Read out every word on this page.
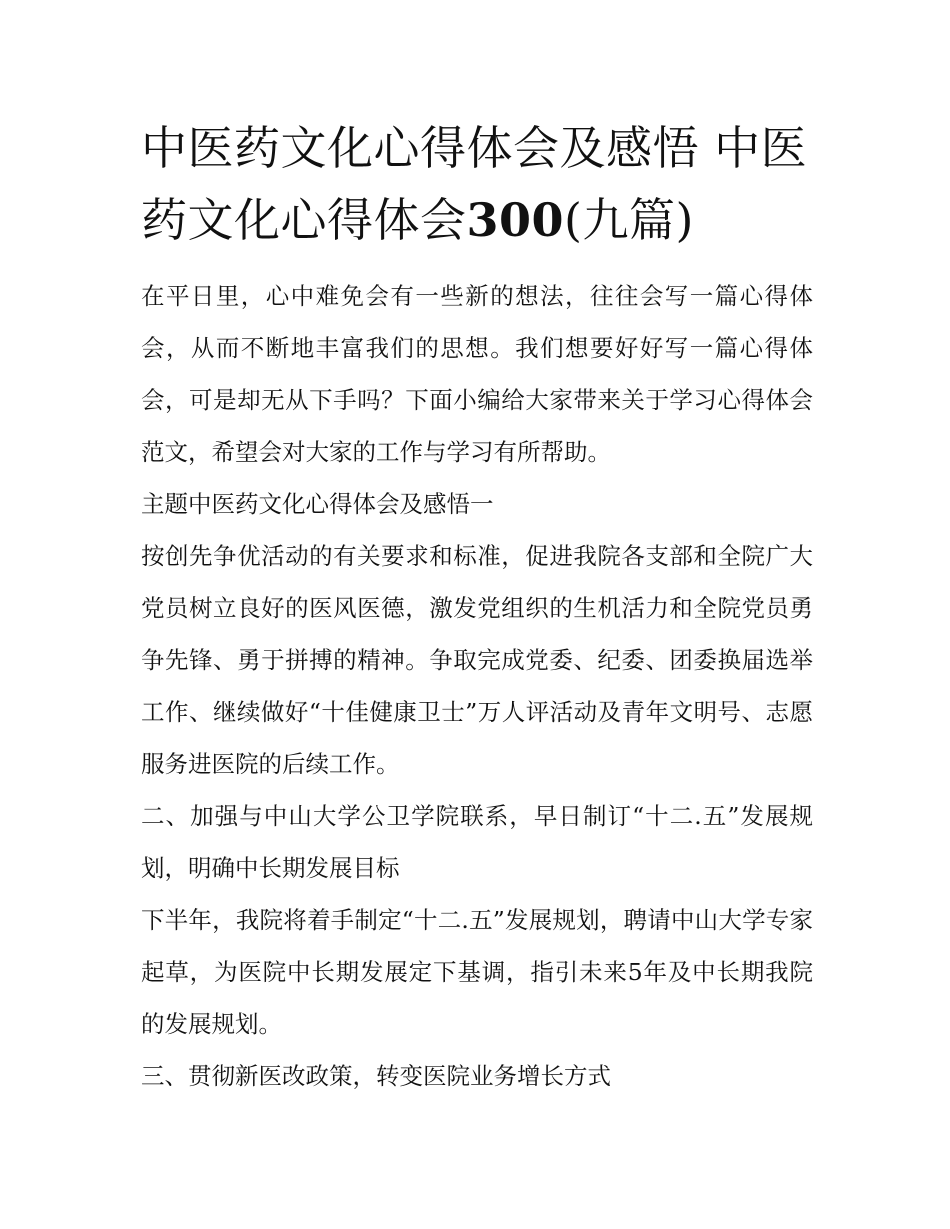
中医药文化心得体会及感悟 中医药文化心得体会300(九篇)

在平日里，心中难免会有一些新的想法，往往会写一篇心得体会，从而不断地丰富我们的思想。我们想要好好写一篇心得体会，可是却无从下手吗？下面小编给大家带来关于学习心得体会范文，希望会对大家的工作与学习有所帮助。

主题中医药文化心得体会及感悟一

按创先争优活动的有关要求和标准，促进我院各支部和全院广大党员树立良好的医风医德，激发党组织的生机活力和全院党员勇争先锋、勇于拼搏的精神。争取完成党委、纪委、团委换届选举工作、继续做好“十佳健康卫士”万人评活动及青年文明号、志愿服务进医院的后续工作。

二、加强与中山大学公卫学院联系，早日制订“十二.五”发展规划，明确中长期发展目标

下半年，我院将着手制定“十二.五”发展规划，聘请中山大学专家起草，为医院中长期发展定下基调，指引未来5年及中长期我院的发展规划。

三、贯彻新医改政策，转变医院业务增长方式
